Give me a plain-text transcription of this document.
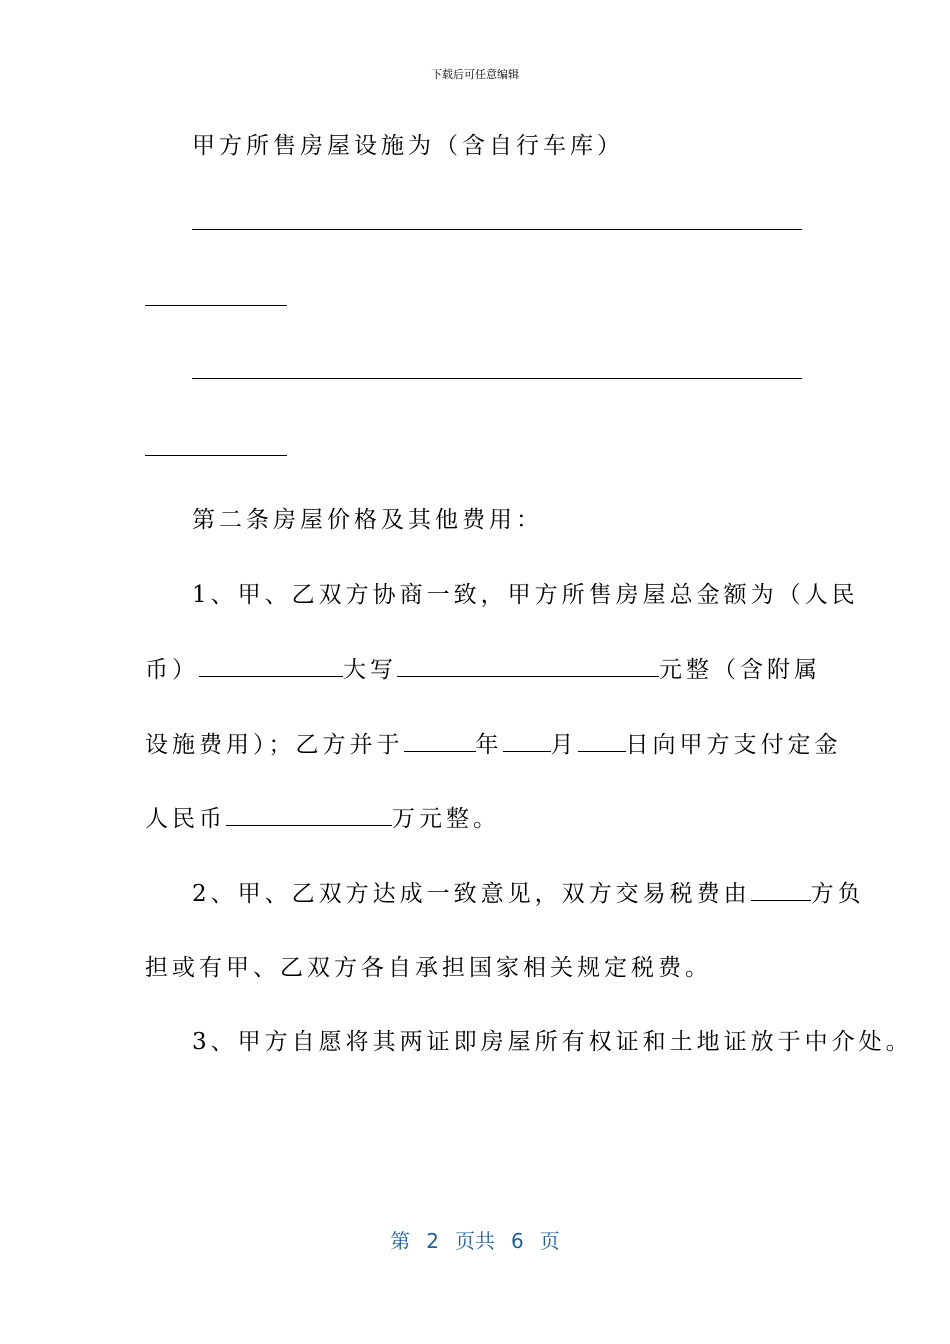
下载后可任意编辑
甲方所售房屋设施为（含自行车库）
第二条房屋价格及其他费用：
1、甲、乙双方协商一致，甲方所售房屋总金额为（人民
币）	大写	元整（含附属
设施费用）；乙方并于	年 月 日向甲方支付定金
人民币	万元整。
2、甲、乙双方达成一致意见，双方交易税费由	方负
担或有甲、乙双方各自承担国家相关规定税费。
3、甲方自愿将其两证即房屋所有权证和土地证放于中介处。
第 2 页共 6 页
